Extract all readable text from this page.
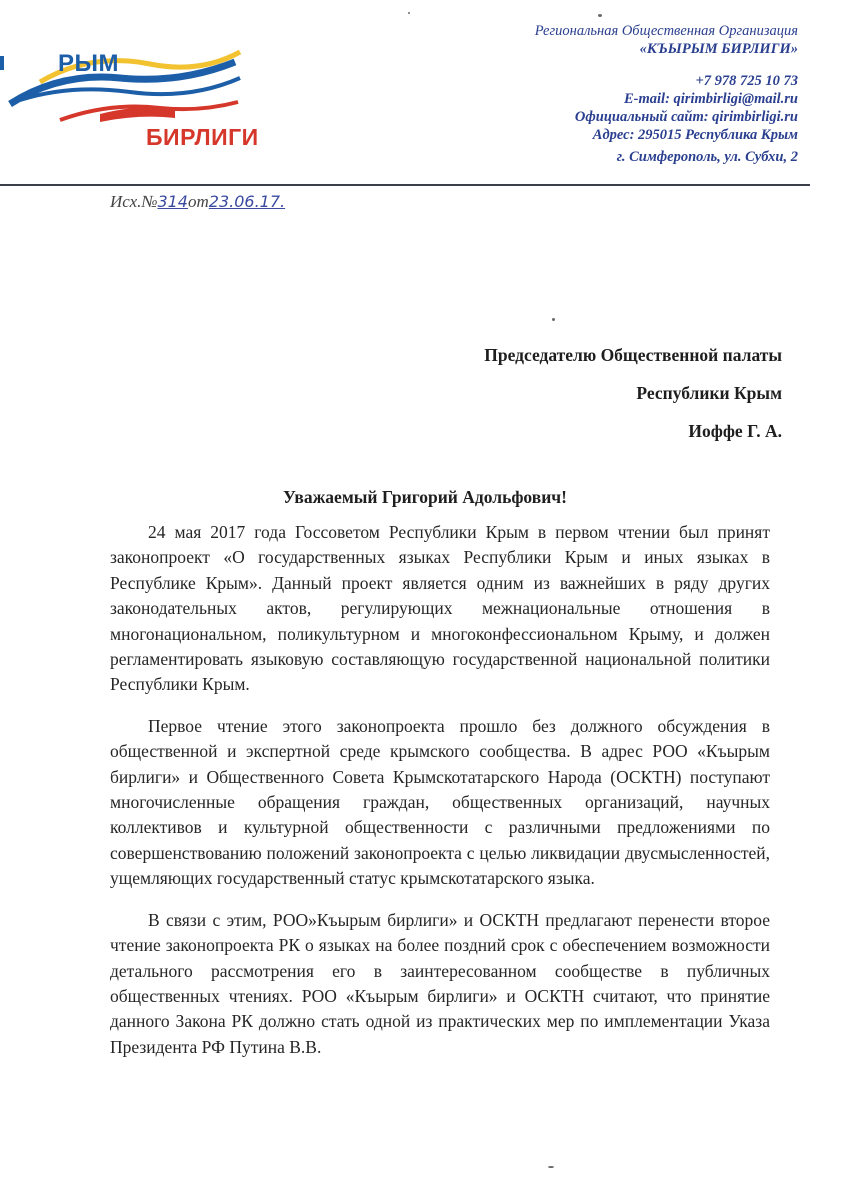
РЫМ
БИРЛИГИ
Региональная Общественная Организация
«КЪЫРЫМ БИРЛИГИ»
+7 978 725 10 73
E-mail: qirimbirligi@mail.ru
Официальный сайт: qirimbirligi.ru
Адрес: 295015 Республика Крым
г. Симферополь, ул. Субхи, 2
Исх.№314от23.06.17.
Председателю Общественной палаты
Республики Крым
Иоффе Г. А.
Уважаемый Григорий Адольфович!

24 мая 2017 года Госсоветом Республики Крым в первом чтении был принят законопроект «О государственных языках Республики Крым и иных языках в Республике Крым». Данный проект является одним из важнейших в ряду других законодательных актов, регулирующих межнациональные отношения в многонациональном, поликультурном и многоконфессиональном Крыму, и должен регламентировать языковую составляющую государственной национальной политики Республики Крым.

Первое чтение этого законопроекта прошло без должного обсуждения в общественной и экспертной среде крымского сообщества. В адрес РОО «Къырым бирлиги» и Общественного Совета Крымскотатарского Народа (ОСКТН) поступают многочисленные обращения граждан, общественных организаций, научных коллективов и культурной общественности с различными предложениями по совершенствованию положений законопроекта с целью ликвидации двусмысленностей, ущемляющих государственный статус крымскотатарского языка.

В связи с этим, РОО»Къырым бирлиги» и ОСКТН предлагают перенести второе чтение законопроекта РК о языках на более поздний срок с обеспечением возможности детального рассмотрения его в заинтересованном сообществе в публичных общественных чтениях. РОО «Къырым бирлиги» и ОСКТН считают, что принятие данного Закона РК должно стать одной из практических мер по имплементации Указа Президента РФ Путина В.В.
